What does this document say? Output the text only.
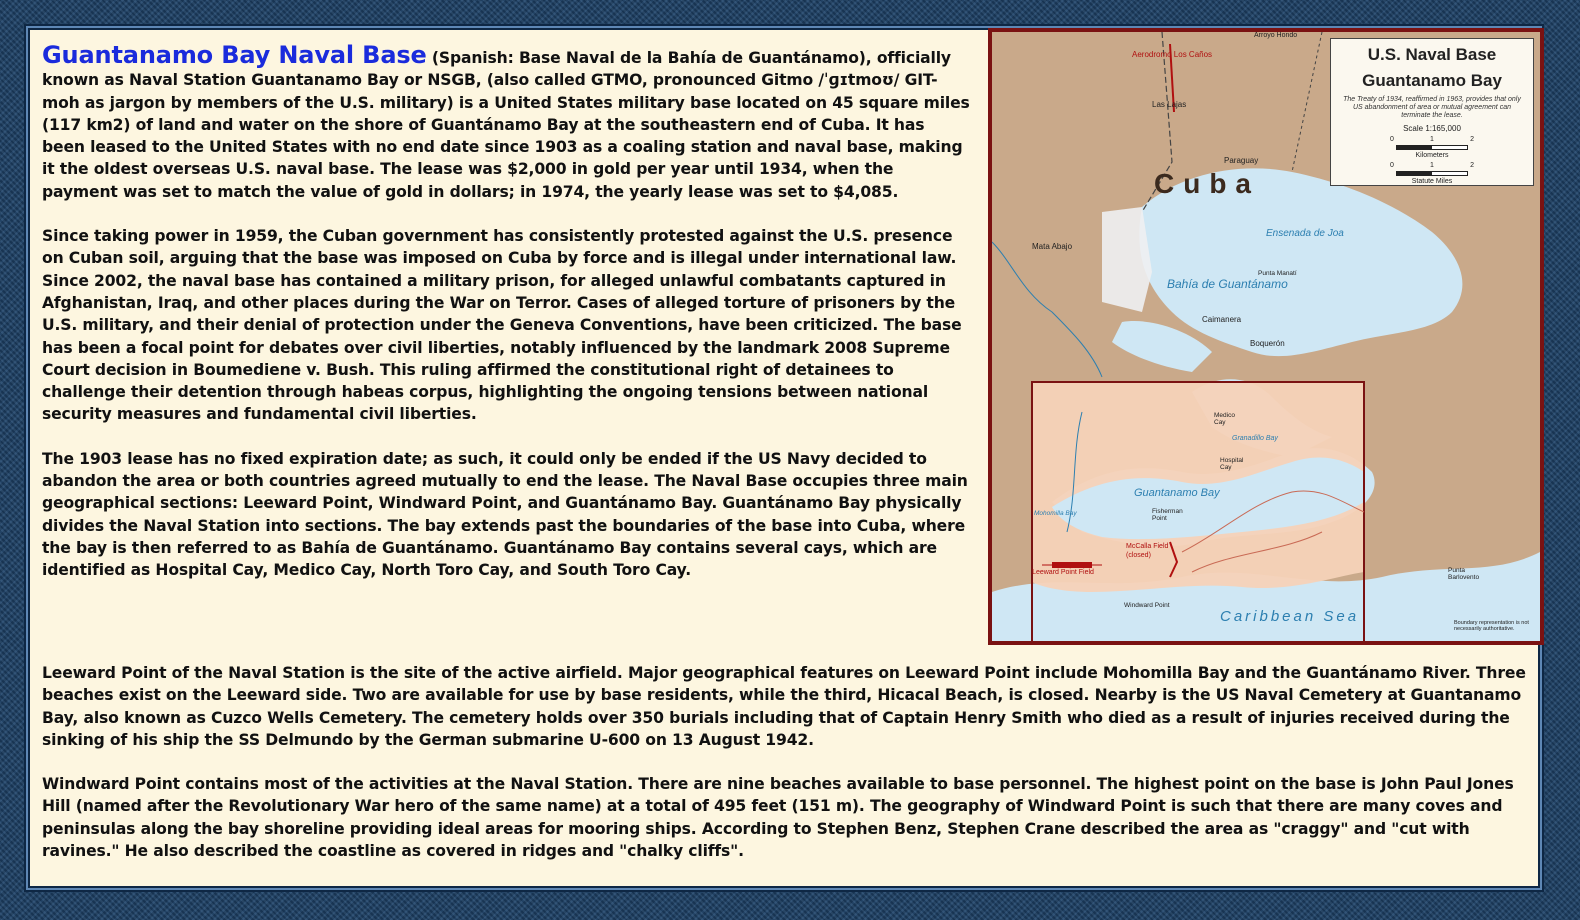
Guantanamo Bay Naval Base (Spanish: Base Naval de la Bahía de Guantánamo), officially known as Naval Station Guantanamo Bay or NSGB, (also called GTMO, pronounced Gitmo /ˈɡɪtmoʊ/ GIT-moh as jargon by members of the U.S. military) is a United States military base located on 45 square miles (117 km2) of land and water on the shore of Guantánamo Bay at the southeastern end of Cuba. It has been leased to the United States with no end date since 1903 as a coaling station and naval base, making it the oldest overseas U.S. naval base. The lease was $2,000 in gold per year until 1934, when the payment was set to match the value of gold in dollars; in 1974, the yearly lease was set to $4,085.

Since taking power in 1959, the Cuban government has consistently protested against the U.S. presence on Cuban soil, arguing that the base was imposed on Cuba by force and is illegal under international law. Since 2002, the naval base has contained a military prison, for alleged unlawful combatants captured in Afghanistan, Iraq, and other places during the War on Terror. Cases of alleged torture of prisoners by the U.S. military, and their denial of protection under the Geneva Conventions, have been criticized. The base has been a focal point for debates over civil liberties, notably influenced by the landmark 2008 Supreme Court decision in Boumediene v. Bush. This ruling affirmed the constitutional right of detainees to challenge their detention through habeas corpus, highlighting the ongoing tensions between national security measures and fundamental civil liberties.

The 1903 lease has no fixed expiration date; as such, it could only be ended if the US Navy decided to abandon the area or both countries agreed mutually to end the lease. The Naval Base occupies three main geographical sections: Leeward Point, Windward Point, and Guantánamo Bay. Guantánamo Bay physically divides the Naval Station into sections. The bay extends past the boundaries of the base into Cuba, where the bay is then referred to as Bahía de Guantánamo. Guantánamo Bay contains several cays, which are identified as Hospital Cay, Medico Cay, North Toro Cay, and South Toro Cay.

Leeward Point of the Naval Station is the site of the active airfield. Major geographical features on Leeward Point include Mohomilla Bay and the Guantánamo River. Three beaches exist on the Leeward side. Two are available for use by base residents, while the third, Hicacal Beach, is closed. Nearby is the US Naval Cemetery at Guantanamo Bay, also known as Cuzco Wells Cemetery. The cemetery holds over 350 burials including that of Captain Henry Smith who died as a result of injuries received during the sinking of his ship the SS Delmundo by the German submarine U-600 on 13 August 1942.

Windward Point contains most of the activities at the Naval Station. There are nine beaches available to base personnel. The highest point on the base is John Paul Jones Hill (named after the Revolutionary War hero of the same name) at a total of 495 feet (151 m). The geography of Windward Point is such that there are many coves and peninsulas along the bay shoreline providing ideal areas for mooring ships. According to Stephen Benz, Stephen Crane described the area as "craggy" and "cut with ravines." He also described the coastline as covered in ridges and "chalky cliffs".

U.S. Naval Base
Guantanamo Bay
The Treaty of 1934, reaffirmed in 1963, provides that only US abandonment of area or mutual agreement can terminate the lease.
Scale 1:165,000
0	1	2
Kilometers
0	1	2
Statute Miles
Cuba
Bahía de Guantánamo
Ensenada de Joa
Guantanamo Bay
Granadillo Bay
Mohomilla Bay
Caribbean Sea
Arroyo Hondo
Aerodromo Los Caños
Las Lajas
Paraguay
Mata Abajo
Caimanera
Boquerón
Punta Manatí
Medico Cay
Hospital Cay
Fisherman Point
McCalla Field (closed)
Leeward Point Field
Windward Point
Punta Barlovento
Boundary representation is not necessarily authoritative.
